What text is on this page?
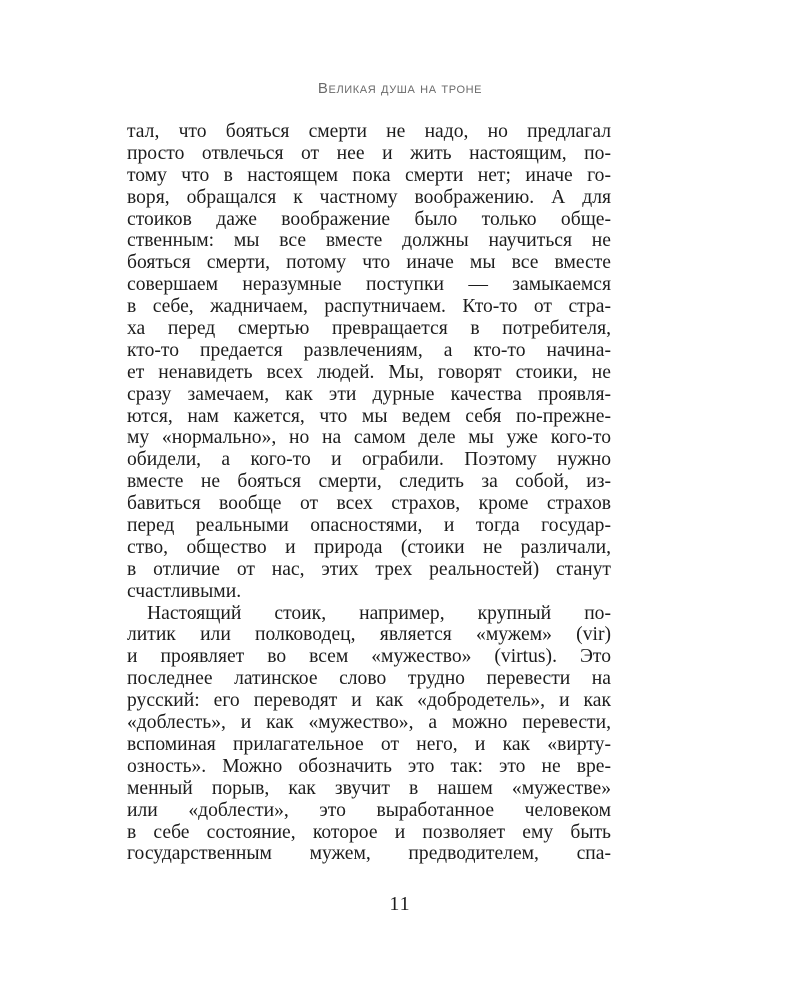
Великая душа на троне
тал, что бояться смерти не надо, но предлагал
просто отвлечься от нее и жить настоящим, по-
тому что в настоящем пока смерти нет; иначе го-
воря, обращался к частному воображению. А для
стоиков даже воображение было только обще-
ственным: мы все вместе должны научиться не
бояться смерти, потому что иначе мы все вместе
совершаем неразумные поступки — замыкаемся
в себе, жадничаем, распутничаем. Кто-то от стра-
ха перед смертью превращается в потребителя,
кто-то предается развлечениям, а кто-то начина-
ет ненавидеть всех людей. Мы, говорят стоики, не
сразу замечаем, как эти дурные качества проявля-
ются, нам кажется, что мы ведем себя по-прежне-
му «нормально», но на самом деле мы уже кого-то
обидели, а кого-то и ограбили. Поэтому нужно
вместе не бояться смерти, следить за собой, из-
бавиться вообще от всех страхов, кроме страхов
перед реальными опасностями, и тогда государ-
ство, общество и природа (стоики не различали,
в отличие от нас, этих трех реальностей) станут
счастливыми.
Настоящий стоик, например, крупный по-
литик или полководец, является «мужем» (vir)
и проявляет во всем «мужество» (virtus). Это
последнее латинское слово трудно перевести на
русский: его переводят и как «добродетель», и как
«доблесть», и как «мужество», а можно перевести,
вспоминая прилагательное от него, и как «вирту-
озность». Можно обозначить это так: это не вре-
менный порыв, как звучит в нашем «мужестве»
или «доблести», это выработанное человеком
в себе состояние, которое и позволяет ему быть
государственным мужем, предводителем, спа-
11
